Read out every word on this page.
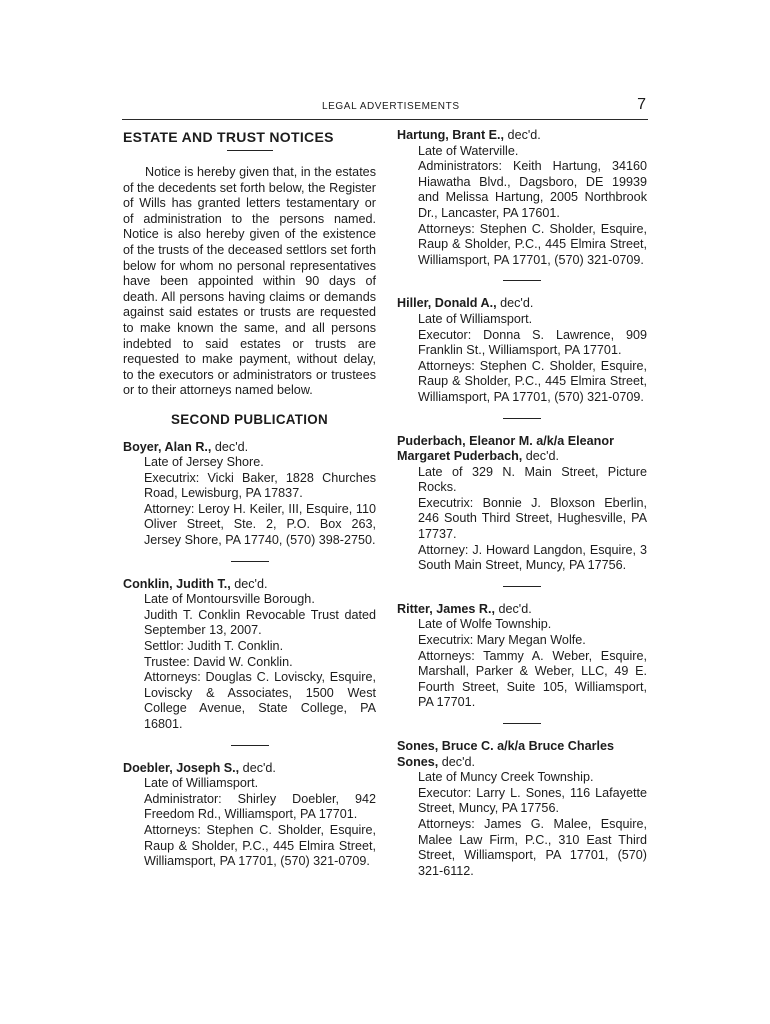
LEGAL ADVERTISEMENTS	7
ESTATE AND TRUST NOTICES

Notice is hereby given that, in the estates of the decedents set forth below, the Register of Wills has granted letters testamentary or of administration to the persons named. Notice is also hereby given of the existence of the trusts of the deceased settlors set forth below for whom no personal representatives have been appointed within 90 days of death. All persons having claims or demands against said estates or trusts are requested to make known the same, and all persons indebted to said estates or trusts are requested to make payment, without delay, to the executors or administrators or trustees or to their attorneys named below.

SECOND PUBLICATION

Boyer, Alan R., dec'd.

Late of Jersey Shore.

Executrix: Vicki Baker, 1828 Churches Road, Lewisburg, PA 17837.

Attorney: Leroy H. Keiler, III, Esquire, 110 Oliver Street, Ste. 2, P.O. Box 263, Jersey Shore, PA 17740, (570) 398-2750.

Conklin, Judith T., dec'd.

Late of Montoursville Borough.

Judith T. Conklin Revocable Trust dated September 13, 2007.

Settlor: Judith T. Conklin.

Trustee: David W. Conklin.

Attorneys: Douglas C. Loviscky, Esquire, Loviscky & Associates, 1500 West College Avenue, State College, PA 16801.

Doebler, Joseph S., dec'd.

Late of Williamsport.

Administrator: Shirley Doebler, 942 Freedom Rd., Williamsport, PA 17701.

Attorneys: Stephen C. Sholder, Esquire, Raup & Sholder, P.C., 445 Elmira Street, Williamsport, PA 17701, (570) 321-0709.

Hartung, Brant E., dec'd.

Late of Waterville.

Administrators: Keith Hartung, 34160 Hiawatha Blvd., Dagsboro, DE 19939 and Melissa Hartung, 2005 Northbrook Dr., Lancaster, PA 17601.

Attorneys: Stephen C. Sholder, Esquire, Raup & Sholder, P.C., 445 Elmira Street, Williamsport, PA 17701, (570) 321-0709.

Hiller, Donald A., dec'd.

Late of Williamsport.

Executor: Donna S. Lawrence, 909 Franklin St., Williamsport, PA 17701.

Attorneys: Stephen C. Sholder, Esquire, Raup & Sholder, P.C., 445 Elmira Street, Williamsport, PA 17701, (570) 321-0709.

Puderbach, Eleanor M. a/k/a Eleanor Margaret Puderbach, dec'd.

Late of 329 N. Main Street, Picture Rocks.

Executrix: Bonnie J. Bloxson Eberlin, 246 South Third Street, Hughesville, PA 17737.

Attorney: J. Howard Langdon, Esquire, 3 South Main Street, Muncy, PA 17756.

Ritter, James R., dec'd.

Late of Wolfe Township.

Executrix: Mary Megan Wolfe.

Attorneys: Tammy A. Weber, Esquire, Marshall, Parker & Weber, LLC, 49 E. Fourth Street, Suite 105, Williamsport, PA 17701.

Sones, Bruce C. a/k/a Bruce Charles Sones, dec'd.

Late of Muncy Creek Township.

Executor: Larry L. Sones, 116 Lafayette Street, Muncy, PA 17756.

Attorneys: James G. Malee, Esquire, Malee Law Firm, P.C., 310 East Third Street, Williamsport, PA 17701, (570) 321-6112.
